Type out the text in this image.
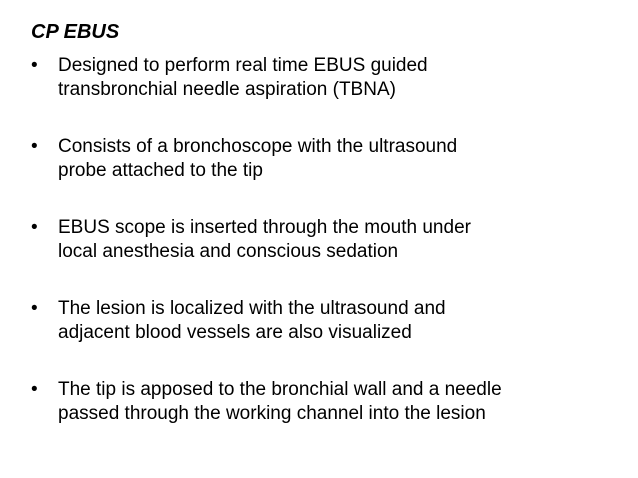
CP EBUS
•	Designed to perform real time EBUS guided
transbronchial needle aspiration (TBNA)
•	Consists of a bronchoscope with the ultrasound
probe attached to the tip
•	EBUS scope is inserted through the mouth under
local anesthesia and conscious sedation
•	The lesion is localized with the ultrasound and
adjacent blood vessels are also visualized
•	The tip is apposed to the bronchial wall and a needle
passed through the working channel into the lesion
